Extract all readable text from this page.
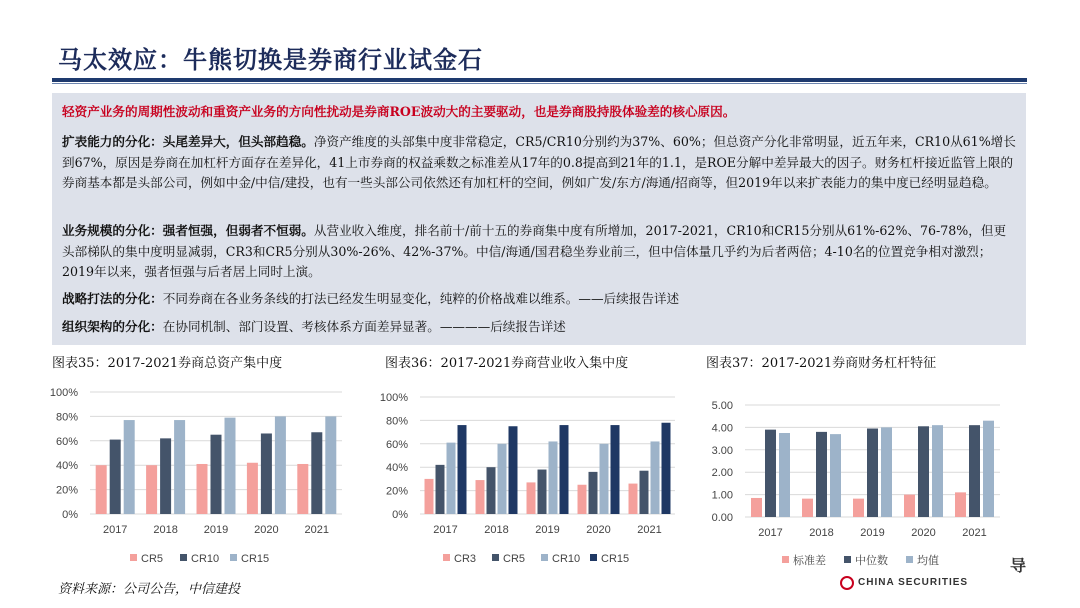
马太效应：牛熊切换是券商行业试金石
轻资产业务的周期性波动和重资产业务的方向性扰动是券商ROE波动大的主要驱动，也是券商股持股体验差的核心原因。
扩表能力的分化：头尾差异大，但头部趋稳。净资产维度的头部集中度非常稳定，CR5/CR10分别约为37%、60%；但总资产分化非常明显，近五年来，CR10从61%增长到67%，原因是券商在加杠杆方面存在差异化，41上市券商的权益乘数之标准差从17年的0.8提高到21年的1.1，是ROE分解中差异最大的因子。财务杠杆接近监管上限的券商基本都是头部公司，例如中金/中信/建投，也有一些头部公司依然还有加杠杆的空间，例如广发/东方/海通/招商等，但2019年以来扩表能力的集中度已经明显趋稳。
业务规模的分化：强者恒强，但弱者不恒弱。从营业收入维度，排名前十/前十五的券商集中度有所增加，2017-2021，CR10和CR15分别从61%-62%、76-78%，但更头部梯队的集中度明显减弱，CR3和CR5分别从30%-26%、42%-37%。中信/海通/国君稳坐券业前三，但中信体量几乎约为后者两倍；4-10名的位置竞争相对激烈；2019年以来，强者恒强与后者居上同时上演。
战略打法的分化：不同券商在各业务条线的打法已经发生明显变化，纯粹的价格战难以维系。——后续报告详述
组织架构的分化：在协同机制、部门设置、考核体系方面差异显著。————后续报告详述
图表35：2017-2021券商总资产集中度	图表36：2017-2021券商营业收入集中度	图表37：2017-2021券商财务杠杆特征
0%
20%
40%
60%
80%
100%
2017 2018 2019 2020 2021
CR5	CR10 CR15
0%
20%
40%
60%
80%
100%
2017 2018 2019 2020 2021
CR3 CR5 CR10 CR15
0.00
1.00
2.00
3.00
4.00
5.00
2017 2018 2019 2020 2021
标准差	中位数	均值
资料来源：公司公告，中信建投
导
CHINA SECURITIES
